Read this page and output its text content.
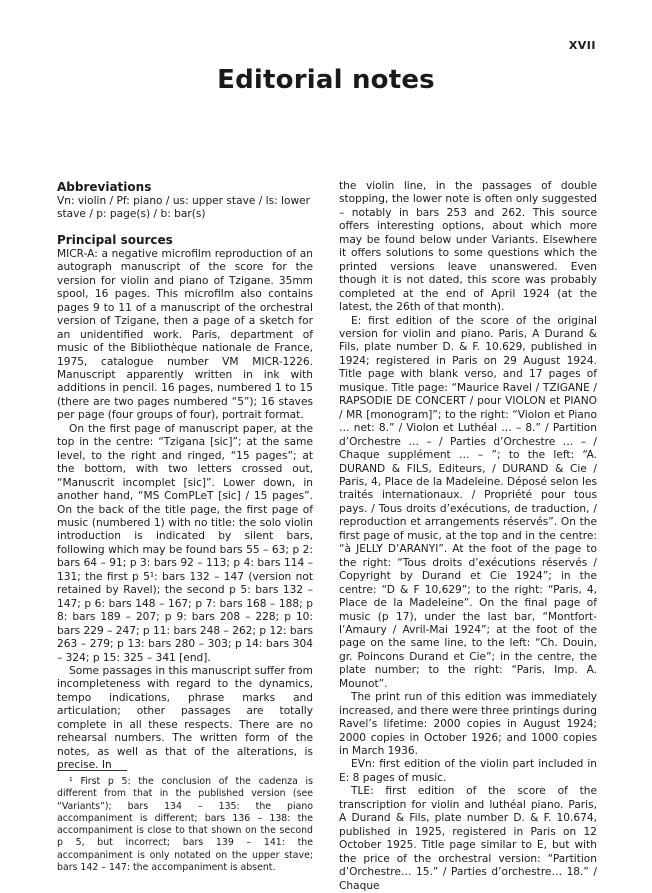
XVII
Editorial notes
Abbreviations

Vn: violin / Pf: piano / us: upper stave / ls: lower stave / p: page(s) / b: bar(s)

Principal sources

MICR-A: a negative microfilm reproduction of an autograph manuscript of the score for the version for violin and piano of Tzigane. 35mm spool, 16 pages. This microfilm also contains pages 9 to 11 of a manuscript of the orchestral version of Tzigane, then a page of a sketch for an unidentified work. Paris, department of music of the Bibliothèque nationale de France, 1975, catalogue number VM MICR-1226. Manuscript apparently written in ink with additions in pencil. 16 pages, numbered 1 to 15 (there are two pages numbered “5”); 16 staves per page (four groups of four), portrait format.

On the first page of manuscript paper, at the top in the centre: “Tzigana [sic]”; at the same level, to the right and ringed, “15 pages”; at the bottom, with two letters crossed out, “Manuscrit incomplet [sic]”. Lower down, in another hand, “MS ComPLeT [sic] / 15 pages”. On the back of the title page, the first page of music (numbered 1) with no title: the solo violin introduction is indicated by silent bars, following which may be found bars 55 – 63; p 2: bars 64 – 91; p 3: bars 92 – 113; p 4: bars 114 – 131; the first p 5¹: bars 132 – 147 (version not retained by Ravel); the second p 5: bars 132 – 147; p 6: bars 148 – 167; p 7: bars 168 – 188; p 8: bars 189 – 207; p 9: bars 208 – 228; p 10: bars 229 – 247; p 11: bars 248 – 262; p 12: bars 263 – 279; p 13: bars 280 – 303; p 14: bars 304 – 324; p 15: 325 – 341 [end].

Some passages in this manuscript suffer from incompleteness with regard to the dynamics, tempo indications, phrase marks and articulation; other passages are totally complete in all these respects. There are no rehearsal numbers. The written form of the notes, as well as that of the alterations, is precise. In

the violin line, in the passages of double stopping, the lower note is often only suggested – notably in bars 253 and 262. This source offers interesting options, about which more may be found below under Variants. Elsewhere it offers solutions to some questions which the printed versions leave unanswered. Even though it is not dated, this score was probably completed at the end of April 1924 (at the latest, the 26th of that month).

E: first edition of the score of the original version for violin and piano. Paris, A Durand & Fils, plate number D. & F. 10.629, published in 1924; registered in Paris on 29 August 1924. Title page with blank verso, and 17 pages of musique. Title page: “Maurice Ravel / TZIGANE / RAPSODIE DE CONCERT / pour VIOLON et PIANO / MR [monogram]”; to the right: “Violon et Piano … net: 8.” / Violon et Luthéal … – 8.” / Partition d’Orchestre … – / Parties d’Orchestre … – / Chaque supplément … – ”; to the left: “A. DURAND & FILS, Editeurs, / DURAND & Cie / Paris, 4, Place de la Madeleine. Déposé selon les traités internationaux. / Propriété pour tous pays. / Tous droits d’exécutions, de traduction, / reproduction et arrangements réservés”. On the first page of music, at the top and in the centre: “à JELLY D’ARANYI”. At the foot of the page to the right: “Tous droits d’exécutions réservés / Copyright by Durand et Cie 1924”; in the centre: “D & F 10,629”; to the right: “Paris, 4, Place de la Madeleine”. On the final page of music (p 17), under the last bar, “Montfort-l’Amaury / Avril-Mai 1924”; at the foot of the page on the same line, to the left: “Ch. Douin, gr. Poincons Durand et Cie”; in the centre, the plate number; to the right: “Paris, Imp. A. Mounot”.

The print run of this edition was immediately increased, and there were three printings during Ravel’s lifetime: 2000 copies in August 1924; 2000 copies in October 1926; and 1000 copies in March 1936.

EVn: first edition of the violin part included in E: 8 pages of music.

TLE: first edition of the score of the transcription for violin and luthéal piano. Paris, A Durand & Fils, plate number D. & F. 10.674, published in 1925, registered in Paris on 12 October 1925. Title page similar to E, but with the price of the orchestral version: “Partition d’Orchestre… 15.” / Parties d’orchestre… 18.” / Chaque

¹ First p 5: the conclusion of the cadenza is different from that in the published version (see “Variants”); bars 134 – 135: the piano accompaniment is different; bars 136 – 138: the accompaniment is close to that shown on the second p 5, but incorrect; bars 139 – 141: the accompaniment is only notated on the upper stave; bars 142 – 147: the accompaniment is absent.
